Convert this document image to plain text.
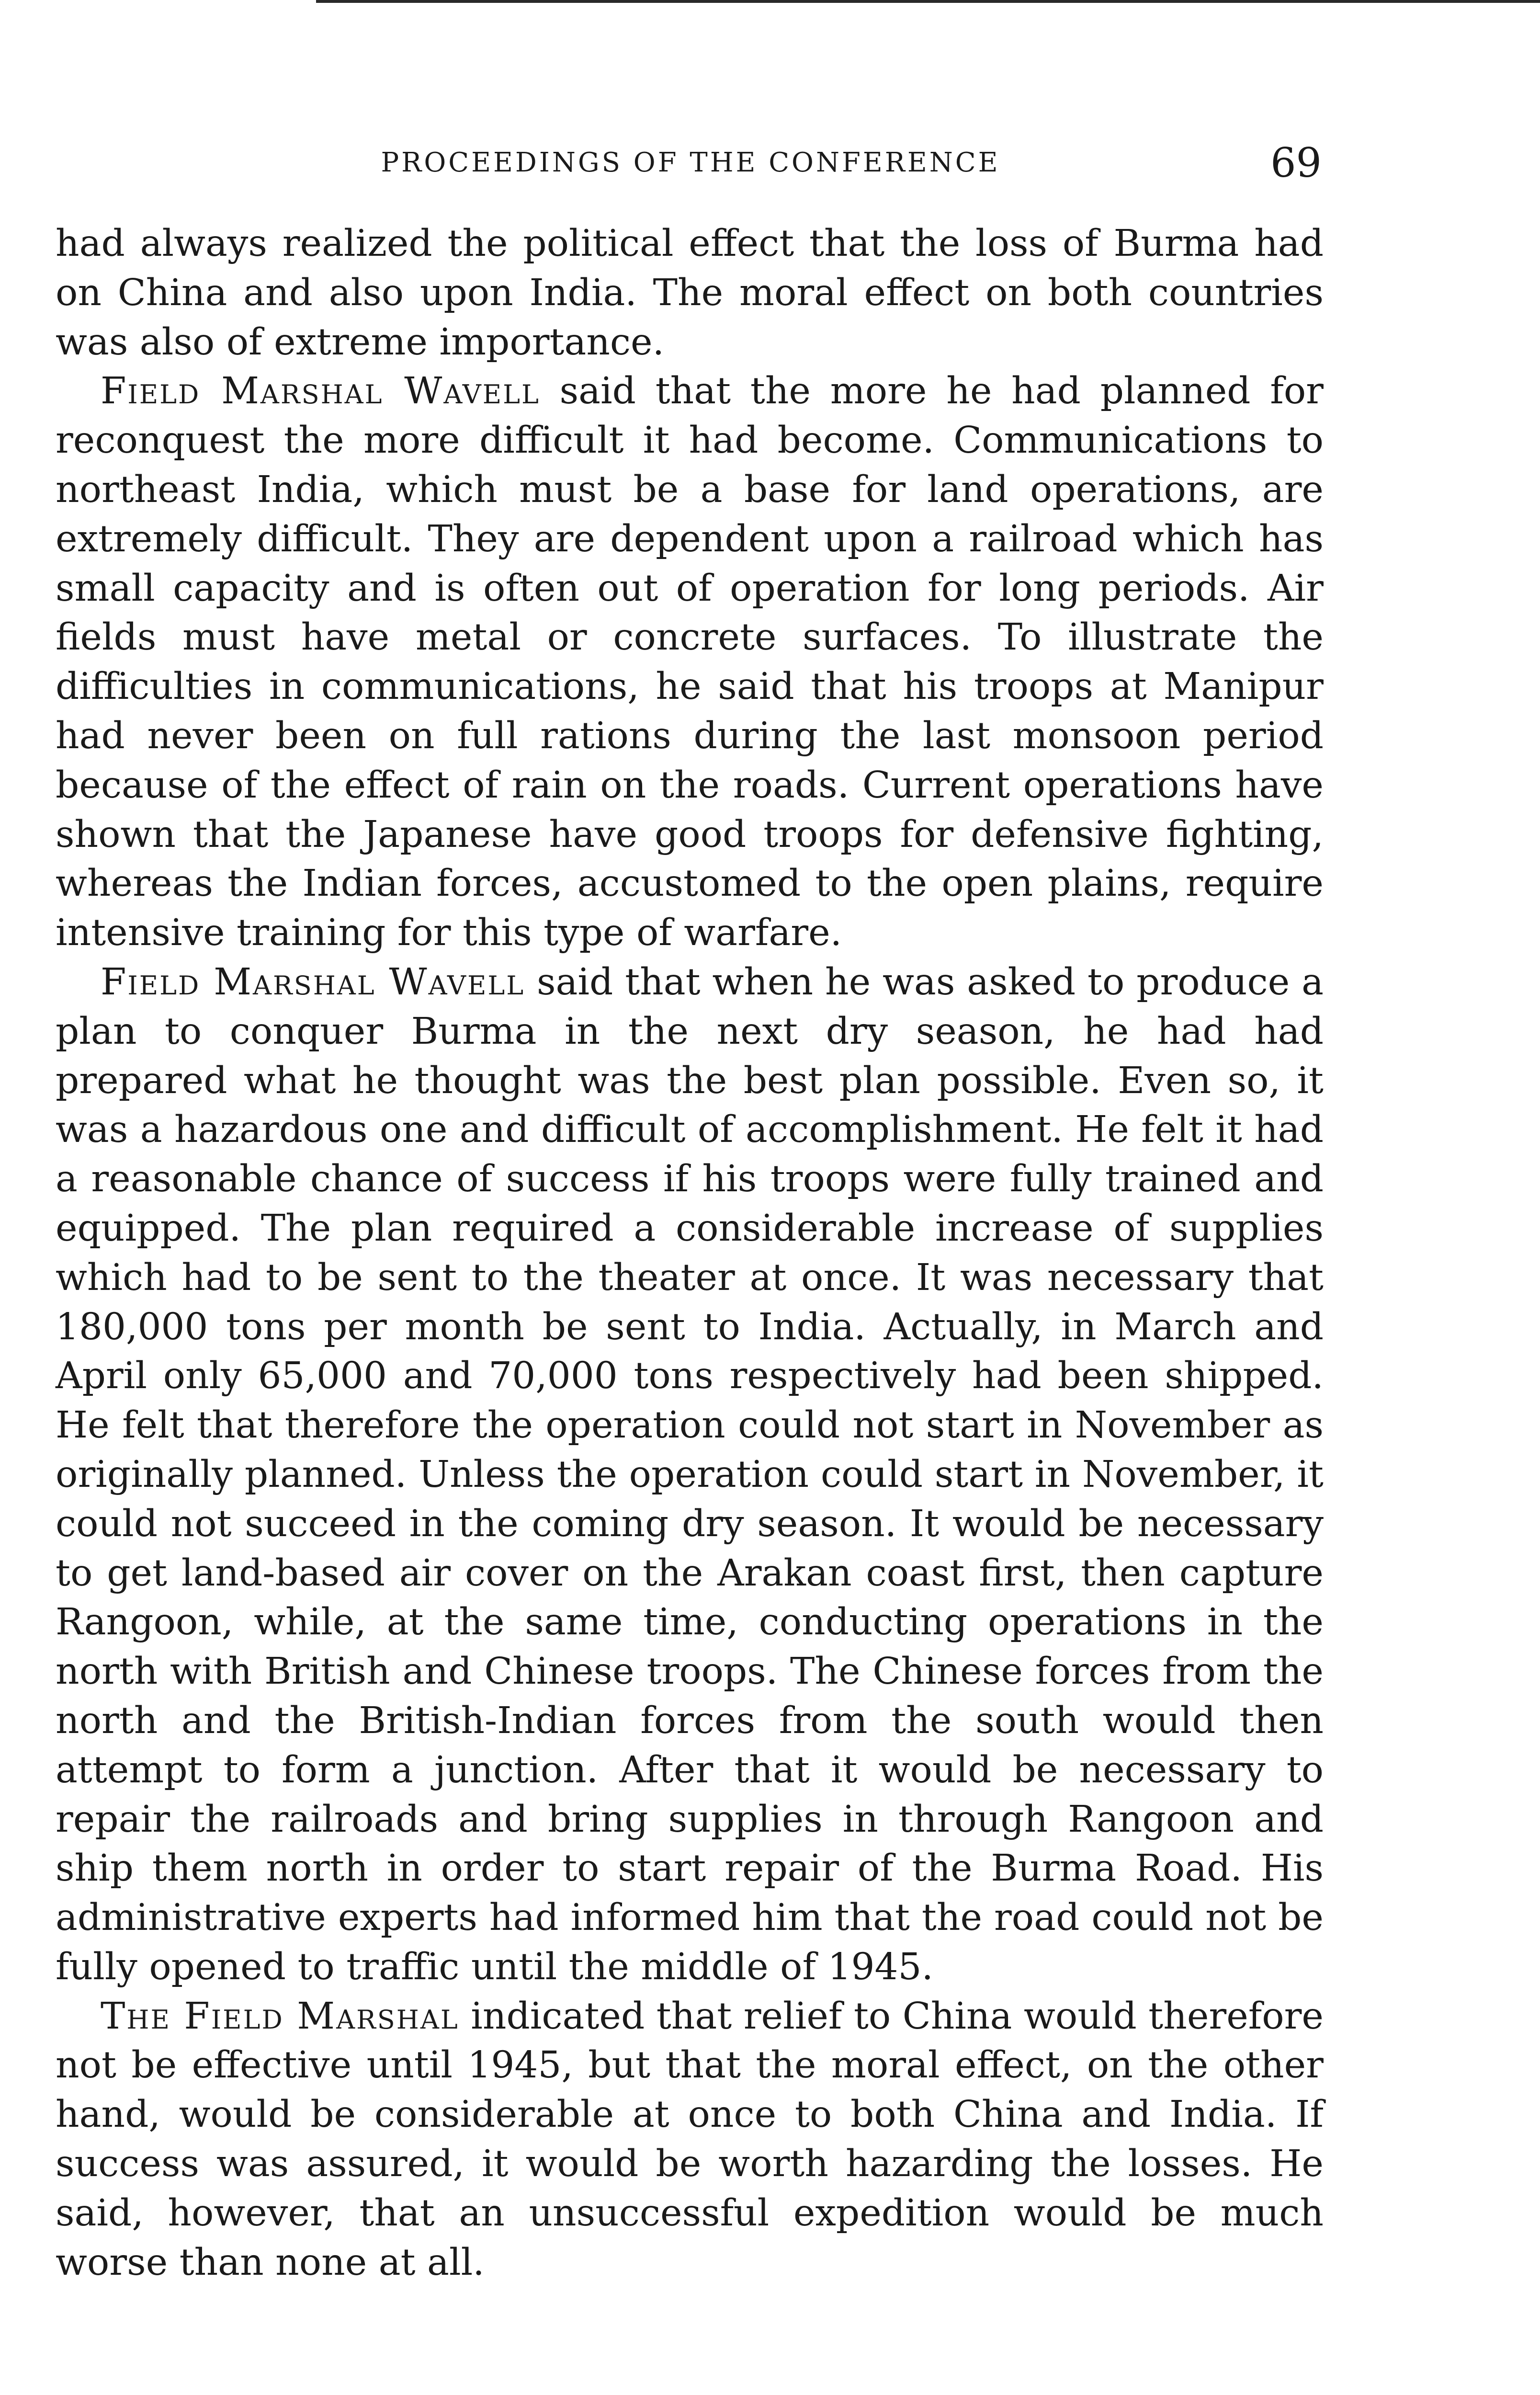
PROCEEDINGS OF THE CONFERENCE	69

had always realized the political effect that the loss of Burma had on China and also upon India. The moral effect on both countries was also of extreme importance.

Field Marshal Wavell said that the more he had planned for reconquest the more difficult it had become. Communications to northeast India, which must be a base for land operations, are extremely difficult. They are dependent upon a railroad which has small capacity and is often out of operation for long periods. Air fields must have metal or concrete surfaces. To illustrate the difficulties in communications, he said that his troops at Manipur had never been on full rations during the last monsoon period because of the effect of rain on the roads. Current operations have shown that the Japanese have good troops for defensive fighting, whereas the Indian forces, accustomed to the open plains, require intensive training for this type of warfare.

Field Marshal Wavell said that when he was asked to produce a plan to conquer Burma in the next dry season, he had had prepared what he thought was the best plan possible. Even so, it was a hazardous one and difficult of accomplishment. He felt it had a reasonable chance of success if his troops were fully trained and equipped. The plan required a considerable increase of supplies which had to be sent to the theater at once. It was necessary that 180,000 tons per month be sent to India. Actually, in March and April only 65,000 and 70,000 tons respectively had been shipped. He felt that therefore the operation could not start in November as originally planned. Unless the operation could start in November, it could not succeed in the coming dry season. It would be necessary to get land-based air cover on the Arakan coast first, then capture Rangoon, while, at the same time, conducting operations in the north with British and Chinese troops. The Chinese forces from the north and the British-Indian forces from the south would then attempt to form a junction. After that it would be necessary to repair the railroads and bring supplies in through Rangoon and ship them north in order to start repair of the Burma Road. His administrative experts had informed him that the road could not be fully opened to traffic until the middle of 1945.

The Field Marshal indicated that relief to China would therefore not be effective until 1945, but that the moral effect, on the other hand, would be considerable at once to both China and India. If success was assured, it would be worth hazarding the losses. He said, however, that an unsuccessful expedition would be much worse than none at all.
